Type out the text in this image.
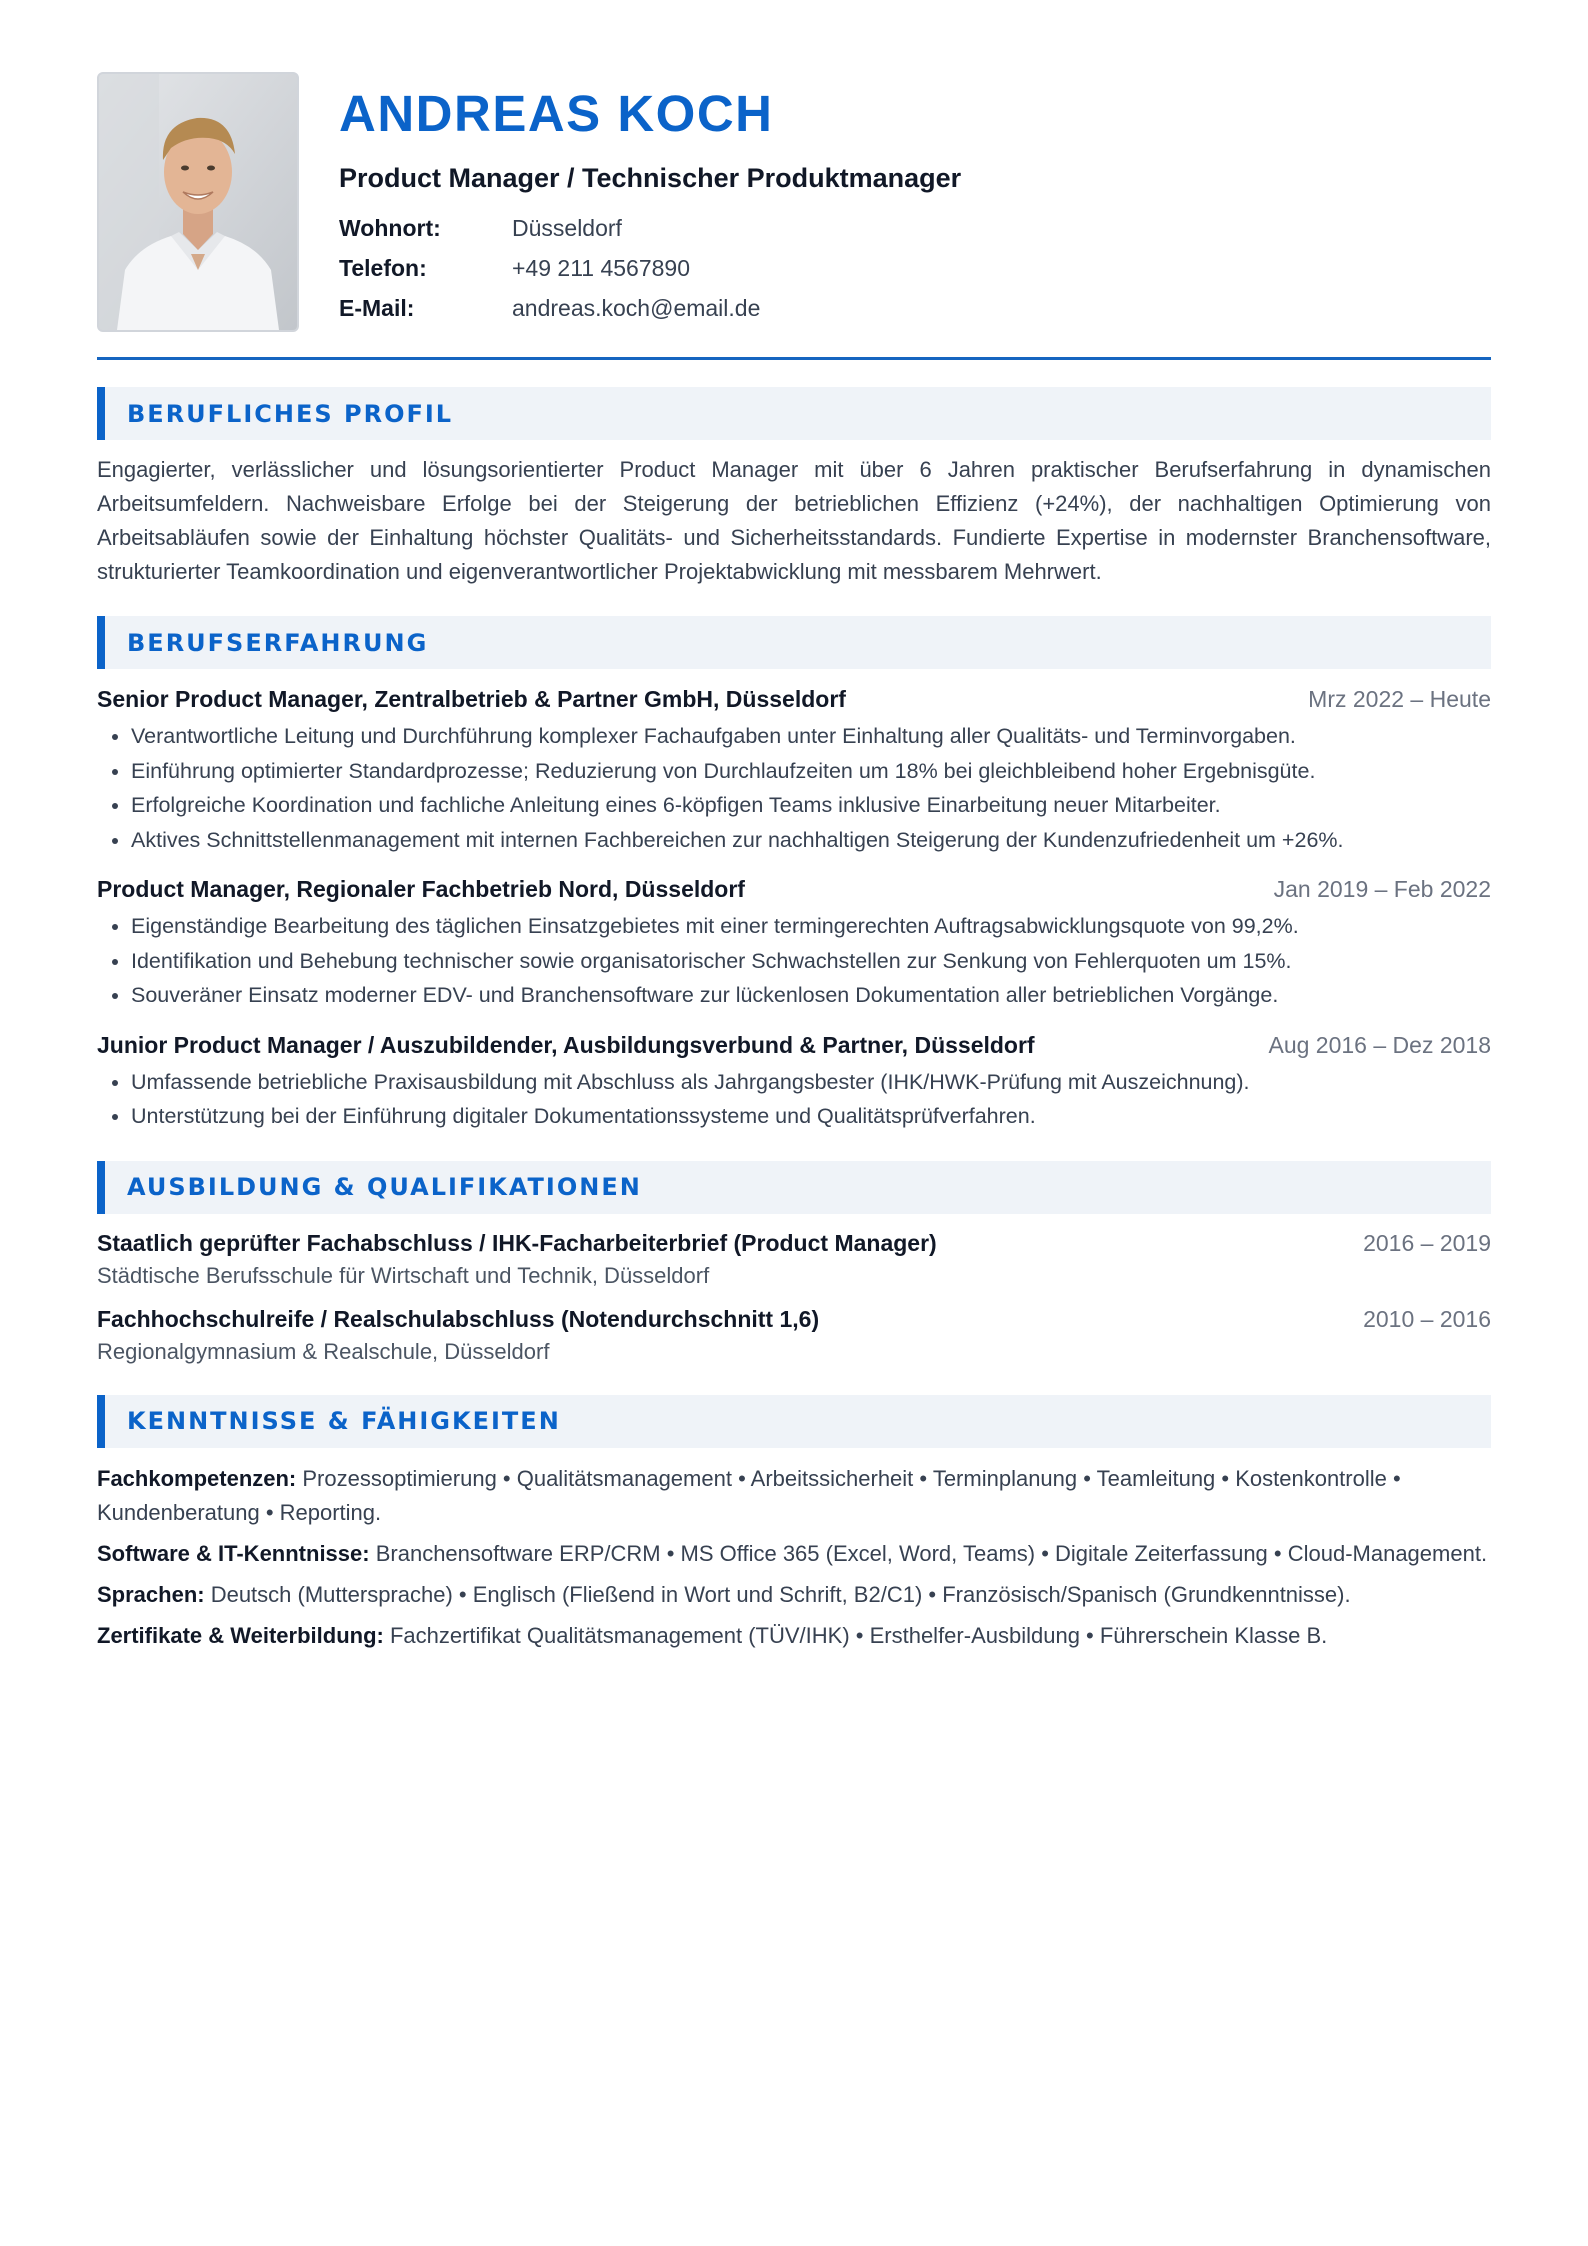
ANDREAS KOCH
Product Manager / Technischer Produktmanager
Wohnort:	Düsseldorf
Telefon:	+49 211 4567890
E-Mail:	andreas.koch@email.de
BERUFLICHES PROFIL
Engagierter, verlässlicher und lösungsorientierter Product Manager mit über 6 Jahren praktischer Berufserfahrung in dynamischen Arbeitsumfeldern. Nachweisbare Erfolge bei der Steigerung der betrieblichen Effizienz (+24%), der nachhaltigen Optimierung von Arbeitsabläufen sowie der Einhaltung höchster Qualitäts- und Sicherheitsstandards. Fundierte Expertise in modernster Branchensoftware, strukturierter Teamkoordination und eigenverantwortlicher Projektabwicklung mit messbarem Mehrwert.
BERUFSERFAHRUNG
Senior Product Manager, Zentralbetrieb & Partner GmbH, Düsseldorf	Mrz 2022 – Heute
• Verantwortliche Leitung und Durchführung komplexer Fachaufgaben unter Einhaltung aller Qualitäts- und Terminvorgaben.
• Einführung optimierter Standardprozesse; Reduzierung von Durchlaufzeiten um 18% bei gleichbleibend hoher Ergebnisgüte.
• Erfolgreiche Koordination und fachliche Anleitung eines 6-köpfigen Teams inklusive Einarbeitung neuer Mitarbeiter.
• Aktives Schnittstellenmanagement mit internen Fachbereichen zur nachhaltigen Steigerung der Kundenzufriedenheit um +26%.
Product Manager, Regionaler Fachbetrieb Nord, Düsseldorf	Jan 2019 – Feb 2022
• Eigenständige Bearbeitung des täglichen Einsatzgebietes mit einer termingerechten Auftragsabwicklungsquote von 99,2%.
• Identifikation und Behebung technischer sowie organisatorischer Schwachstellen zur Senkung von Fehlerquoten um 15%.
• Souveräner Einsatz moderner EDV- und Branchensoftware zur lückenlosen Dokumentation aller betrieblichen Vorgänge.
Junior Product Manager / Auszubildender, Ausbildungsverbund & Partner, Düsseldorf	Aug 2016 – Dez 2018
• Umfassende betriebliche Praxisausbildung mit Abschluss als Jahrgangsbester (IHK/HWK-Prüfung mit Auszeichnung).
• Unterstützung bei der Einführung digitaler Dokumentationssysteme und Qualitätsprüfverfahren.
AUSBILDUNG & QUALIFIKATIONEN
Staatlich geprüfter Fachabschluss / IHK-Facharbeiterbrief (Product Manager)	2016 – 2019
Städtische Berufsschule für Wirtschaft und Technik, Düsseldorf
Fachhochschulreife / Realschulabschluss (Notendurchschnitt 1,6)	2010 – 2016
Regionalgymnasium & Realschule, Düsseldorf
KENNTNISSE & FÄHIGKEITEN
Fachkompetenzen: Prozessoptimierung • Qualitätsmanagement • Arbeitssicherheit • Terminplanung • Teamleitung • Kostenkontrolle • Kundenberatung • Reporting.
Software & IT-Kenntnisse: Branchensoftware ERP/CRM • MS Office 365 (Excel, Word, Teams) • Digitale Zeiterfassung • Cloud-Management.
Sprachen: Deutsch (Muttersprache) • Englisch (Fließend in Wort und Schrift, B2/C1) • Französisch/Spanisch (Grundkenntnisse).
Zertifikate & Weiterbildung: Fachzertifikat Qualitätsmanagement (TÜV/IHK) • Ersthelfer-Ausbildung • Führerschein Klasse B.
